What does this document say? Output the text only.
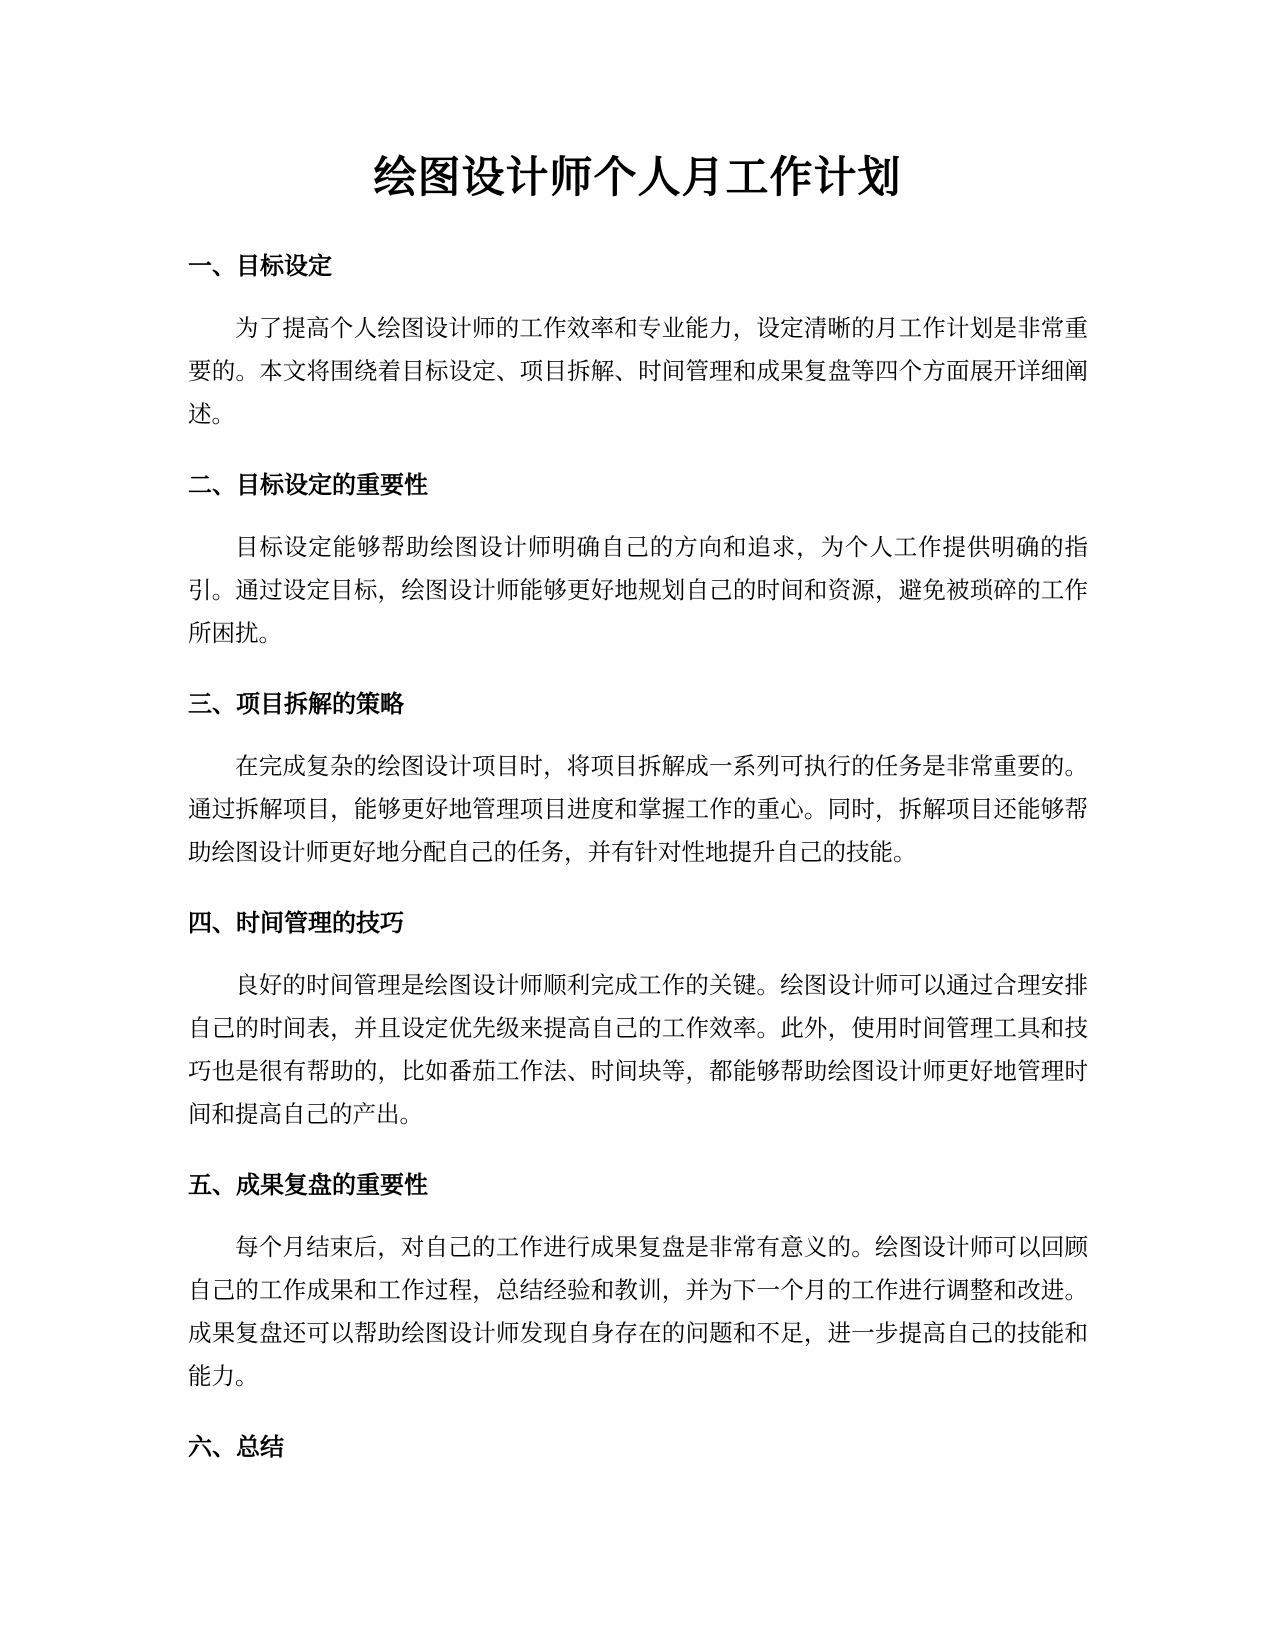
绘图设计师个人月工作计划
一、目标设定

为了提高个人绘图设计师的工作效率和专业能力，设定清晰的月工作计划是非常重要的。本文将围绕着目标设定、项目拆解、时间管理和成果复盘等四个方面展开详细阐述。

二、目标设定的重要性

目标设定能够帮助绘图设计师明确自己的方向和追求，为个人工作提供明确的指引。通过设定目标，绘图设计师能够更好地规划自己的时间和资源，避免被琐碎的工作所困扰。

三、项目拆解的策略

在完成复杂的绘图设计项目时，将项目拆解成一系列可执行的任务是非常重要的。通过拆解项目，能够更好地管理项目进度和掌握工作的重心。同时，拆解项目还能够帮助绘图设计师更好地分配自己的任务，并有针对性地提升自己的技能。

四、时间管理的技巧

良好的时间管理是绘图设计师顺利完成工作的关键。绘图设计师可以通过合理安排自己的时间表，并且设定优先级来提高自己的工作效率。此外，使用时间管理工具和技巧也是很有帮助的，比如番茄工作法、时间块等，都能够帮助绘图设计师更好地管理时间和提高自己的产出。

五、成果复盘的重要性

每个月结束后，对自己的工作进行成果复盘是非常有意义的。绘图设计师可以回顾自己的工作成果和工作过程，总结经验和教训，并为下一个月的工作进行调整和改进。成果复盘还可以帮助绘图设计师发现自身存在的问题和不足，进一步提高自己的技能和能力。

六、总结
